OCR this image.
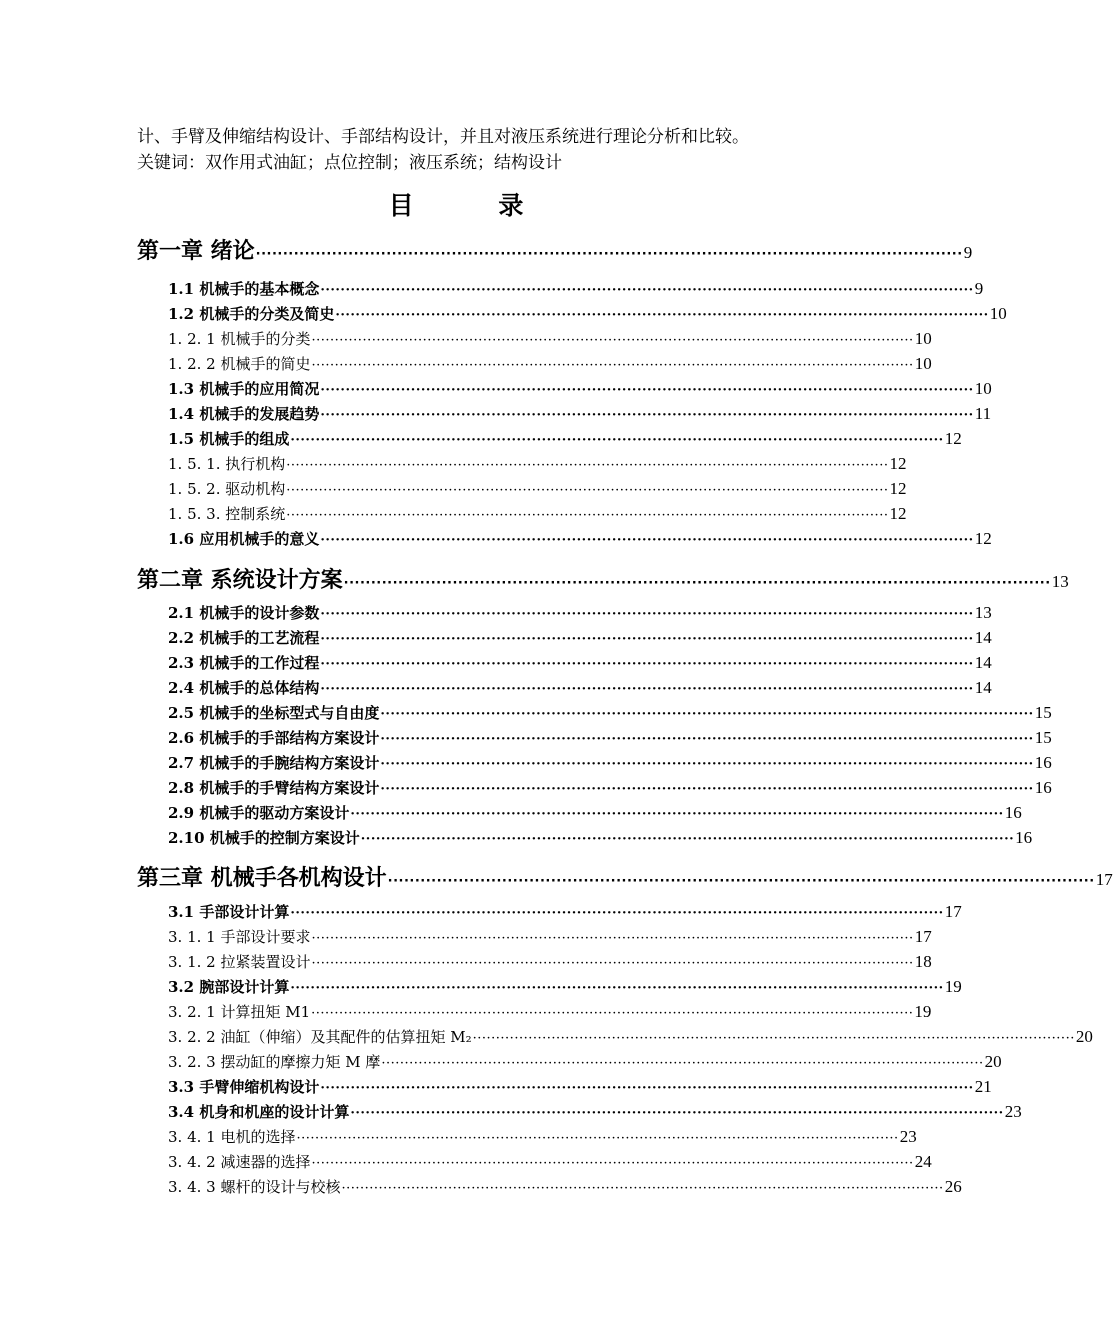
计、手臂及伸缩结构设计、手部结构设计，并且对液压系统进行理论分析和比较。
关键词：双作用式油缸；点位控制；液压系统；结构设计
目 录
第一章 绪论 ·································································································································· 9
1.1 机械手的基本概念 ·································································································································· 9
1.2 机械手的分类及简史 ·································································································································· 10
1. 2. 1 机械手的分类 ·································································································································· 10
1. 2. 2 机械手的简史 ·································································································································· 10
1.3 机械手的应用简况 ·································································································································· 10
1.4 机械手的发展趋势 ·································································································································· 11
1.5 机械手的组成 ·································································································································· 12
1. 5. 1. 执行机构 ·································································································································· 12
1. 5. 2. 驱动机构 ·································································································································· 12
1. 5. 3. 控制系统 ·································································································································· 12
1.6 应用机械手的意义 ·································································································································· 12
第二章 系统设计方案 ·································································································································· 13
2.1 机械手的设计参数 ·································································································································· 13
2.2 机械手的工艺流程 ·································································································································· 14
2.3 机械手的工作过程 ·································································································································· 14
2.4 机械手的总体结构 ·································································································································· 14
2.5 机械手的坐标型式与自由度 ·································································································································· 15
2.6 机械手的手部结构方案设计 ·································································································································· 15
2.7 机械手的手腕结构方案设计 ·································································································································· 16
2.8 机械手的手臂结构方案设计 ·································································································································· 16
2.9 机械手的驱动方案设计 ·································································································································· 16
2.10 机械手的控制方案设计 ·································································································································· 16
第三章 机械手各机构设计 ·································································································································· 17
3.1 手部设计计算 ·································································································································· 17
3. 1. 1 手部设计要求 ·································································································································· 17
3. 1. 2 拉紧装置设计 ·································································································································· 18
3.2 腕部设计计算 ·································································································································· 19
3. 2. 1 计算扭矩 M1 ·································································································································· 19
3. 2. 2 油缸（伸缩）及其配件的估算扭矩 M₂ ·································································································································· 20
3. 2. 3 摆动缸的摩擦力矩 M 摩 ·································································································································· 20
3.3 手臂伸缩机构设计 ·································································································································· 21
3.4 机身和机座的设计计算 ·································································································································· 23
3. 4. 1 电机的选择 ·································································································································· 23
3. 4. 2 减速器的选择 ·································································································································· 24
3. 4. 3 螺杆的设计与校核 ·································································································································· 26
